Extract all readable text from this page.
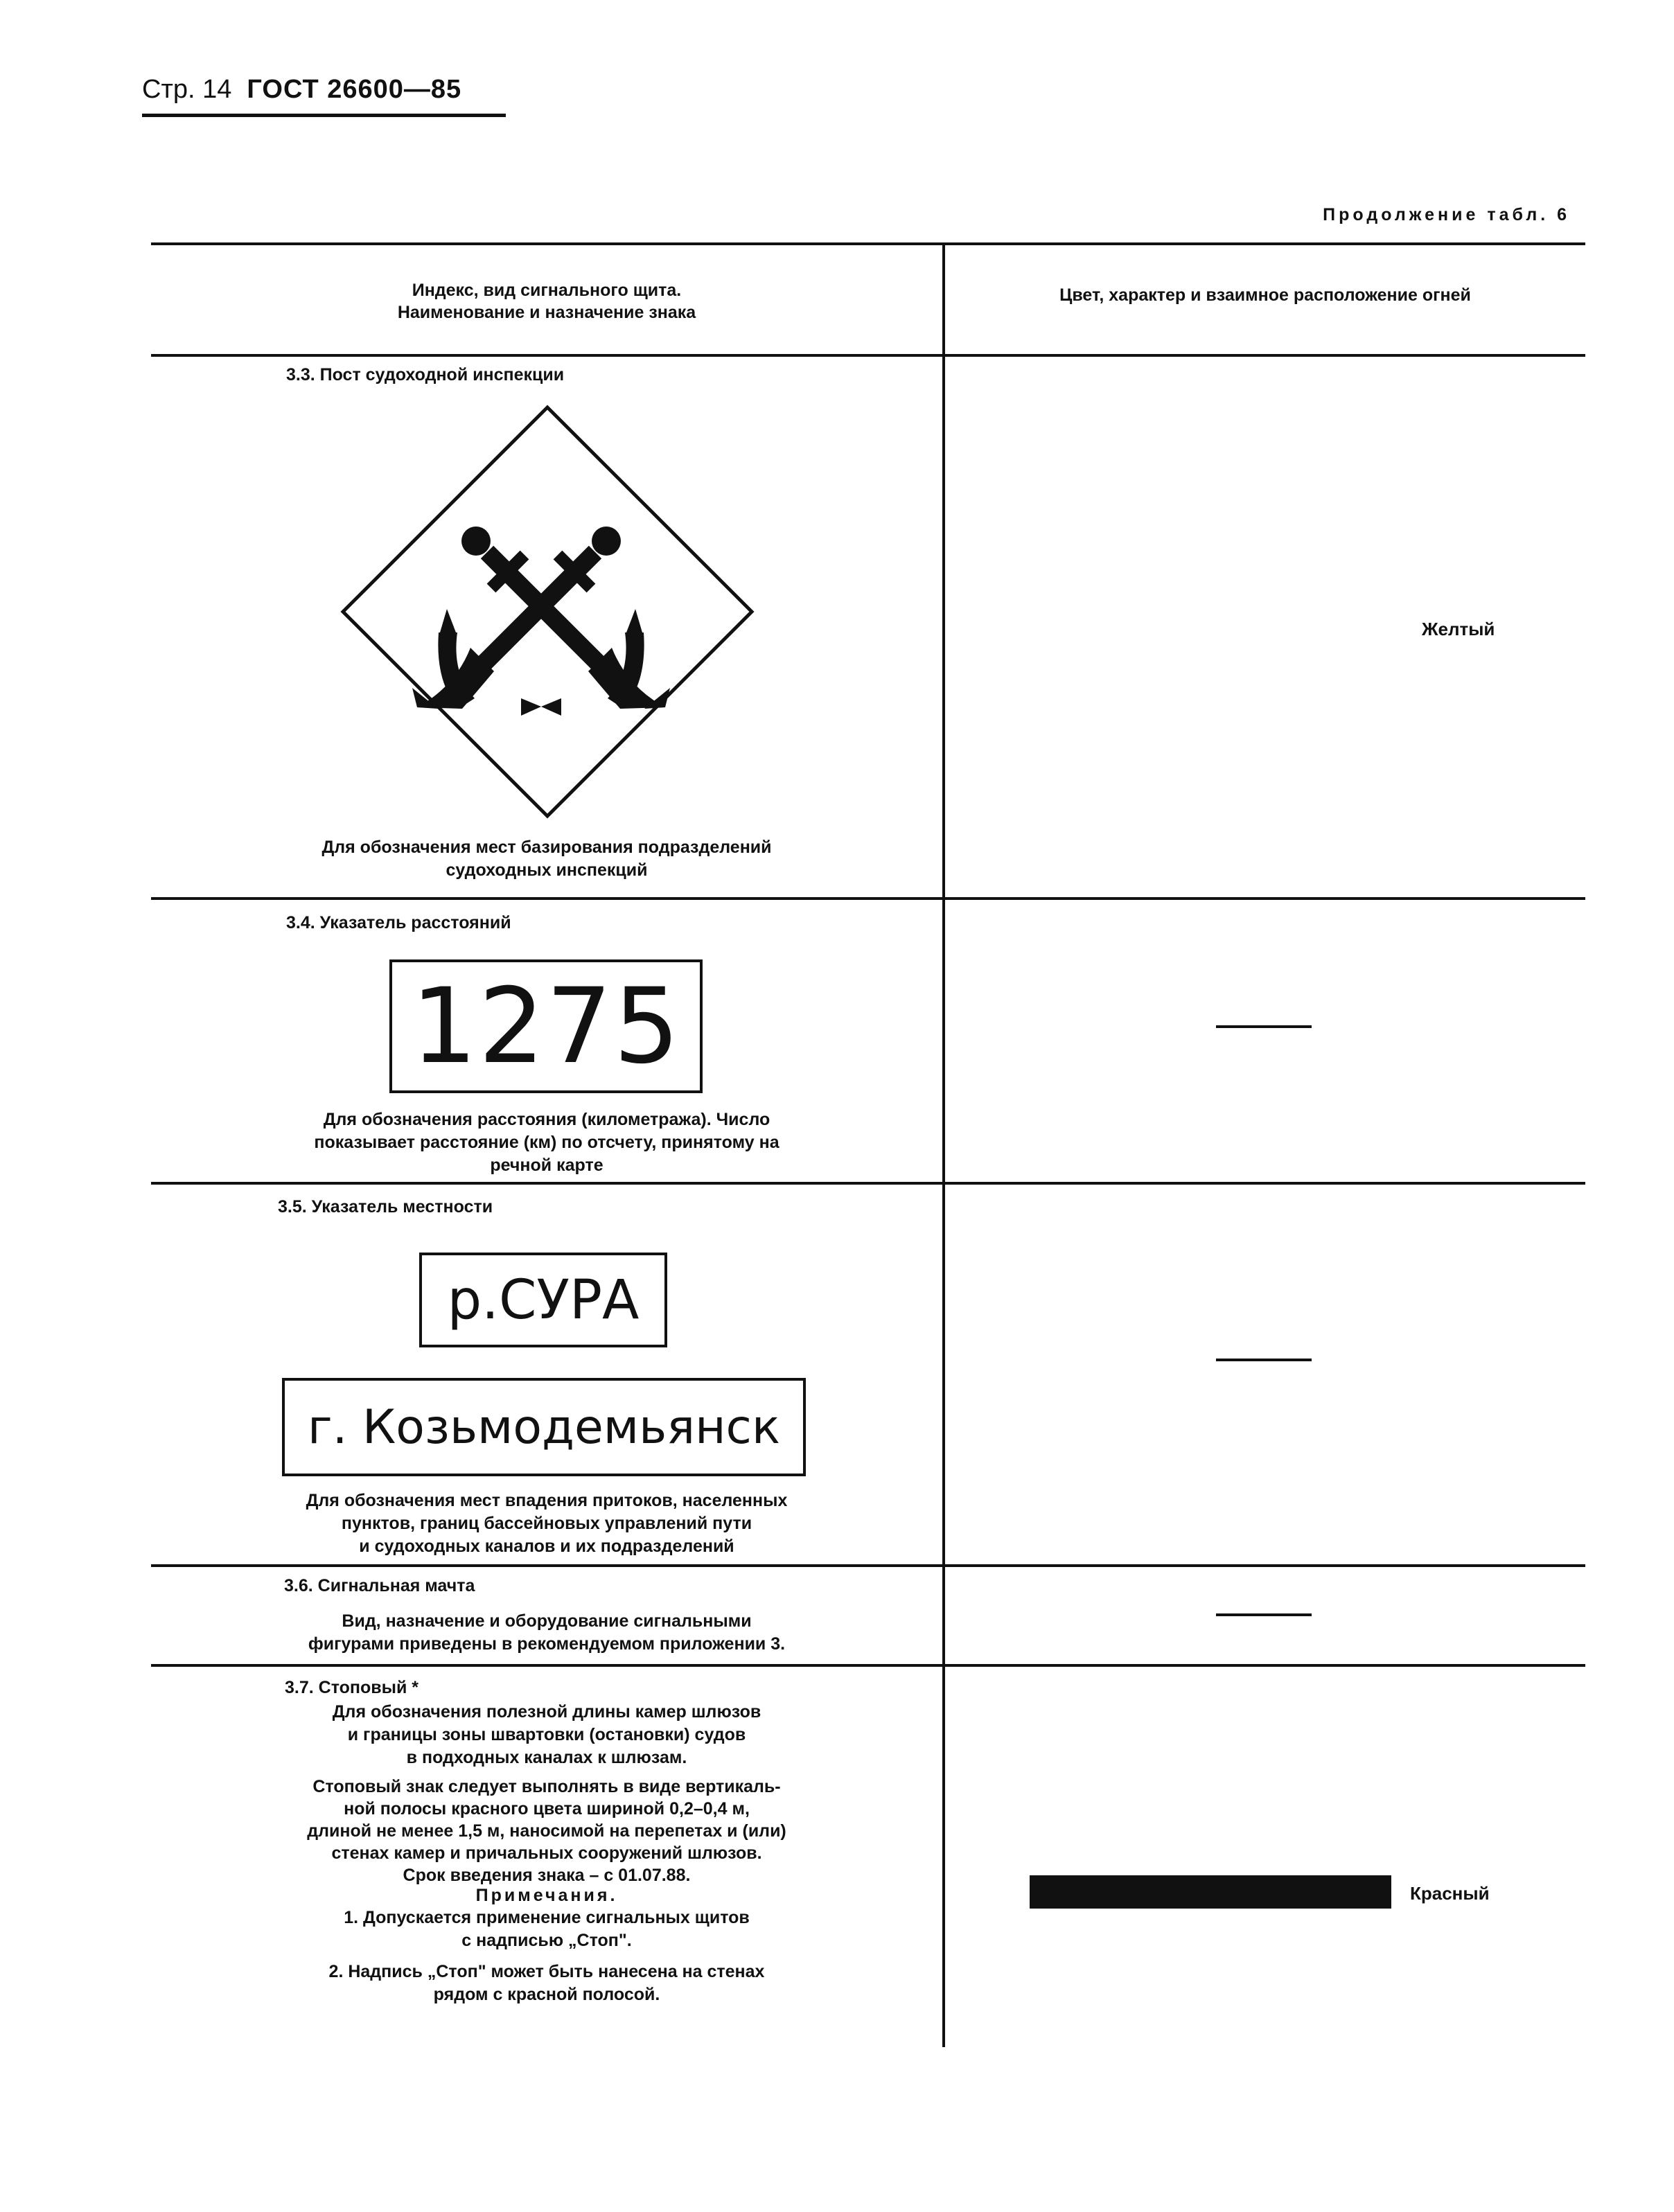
Стр. 14 ГОСТ 26600—85
Продолжение табл. 6
Индекс, вид сигнального щита.
Наименование и назначение знака
Цвет, характер и взаимное расположение огней
3.3. Пост судоходной инспекции
Для обозначения мест базирования подразделений
судоходных инспекций
Желтый
3.4. Указатель расстояний
1275
Для обозначения расстояния (километража). Число
показывает расстояние (км) по отсчету, принятому на
речной карте
3.5. Указатель местности
р.СУРА
г. Козьмодемьянск
Для обозначения мест впадения притоков, населенных
пунктов, границ бассейновых управлений пути
и судоходных каналов и их подразделений
3.6. Сигнальная мачта
Вид, назначение и оборудование сигнальными
фигурами приведены в рекомендуемом приложении 3.
3.7. Стоповый *
Для обозначения полезной длины камер шлюзов
и границы зоны швартовки (остановки) судов
в подходных каналах к шлюзам.
Стоповый знак следует выполнять в виде вертикаль-
ной полосы красного цвета шириной 0,2–0,4 м,
длиной не менее 1,5 м, наносимой на перепетах и (или)
стенах камер и причальных сооружений шлюзов.
Срок введения знака – с 01.07.88.
Примечания.
1. Допускается применение сигнальных щитов
с надписью „Стоп".
2. Надпись „Стоп" может быть нанесена на стенах
рядом с красной полосой.
Красный
